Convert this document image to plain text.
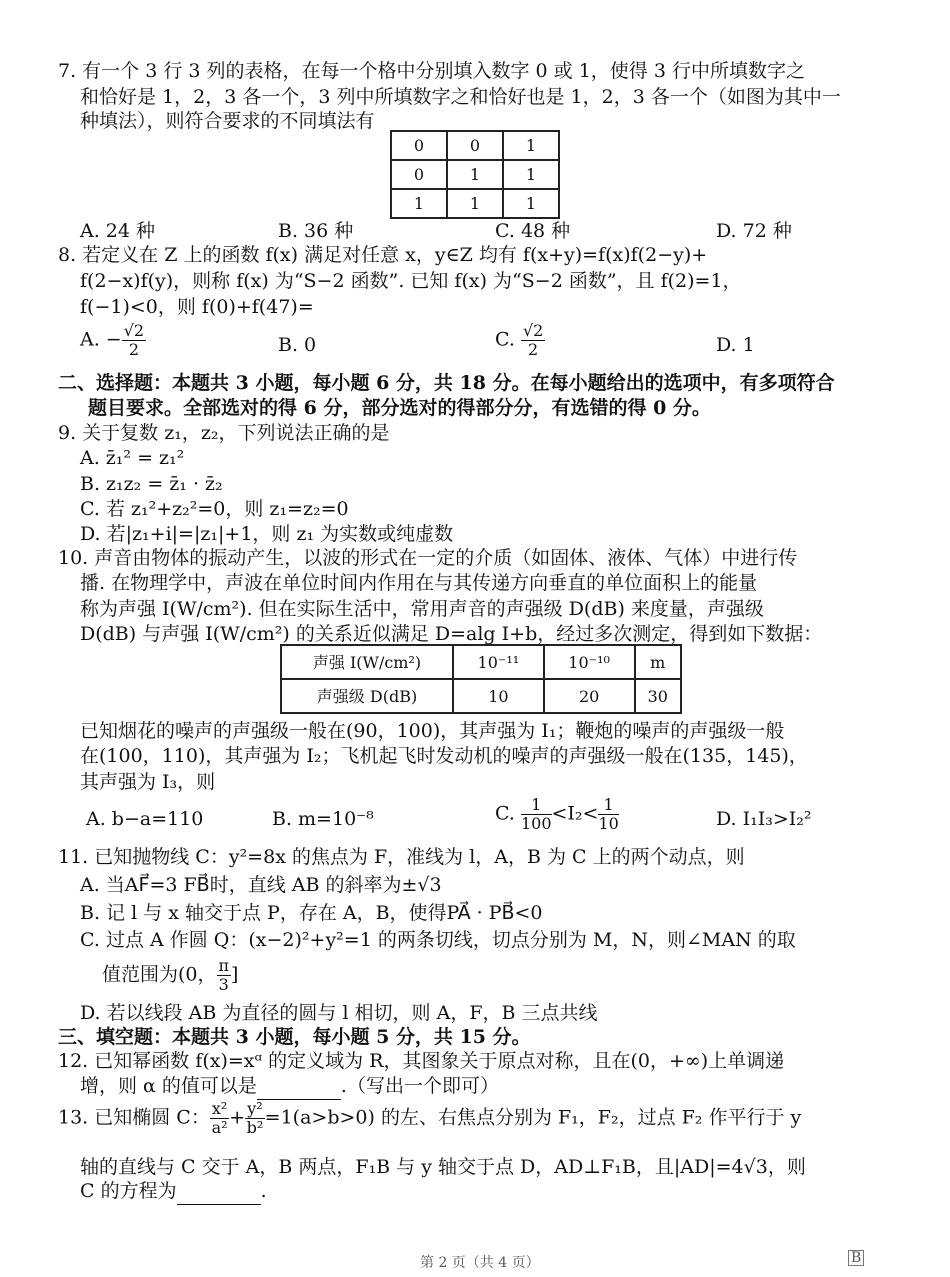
7. 有一个 3 行 3 列的表格，在每一个格中分别填入数字 0 或 1，使得 3 行中所填数字之
和恰好是 1，2，3 各一个，3 列中所填数字之和恰好也是 1，2，3 各一个（如图为其中一
种填法），则符合要求的不同填法有
0	0	1
0	1	1
1	1	1
A. 24 种	B. 36 种	C. 48 种	D. 72 种
8. 若定义在 Z 上的函数 f(x) 满足对任意 x，y∈Z 均有 f(x+y)=f(x)f(2−y)+
f(2−x)f(y)，则称 f(x) 为“S−2 函数”. 已知 f(x) 为“S−2 函数”，且 f(2)=1，
f(−1)<0，则 f(0)+f(47)=
A. − $\frac{√2}{2}$	B. 0	C. $\frac{√2}{2}$	D. 1
二、选择题：本题共 3 小题，每小题 6 分，共 18 分。在每小题给出的选项中，有多项符合
题目要求。全部选对的得 6 分，部分选对的得部分分，有选错的得 0 分。
9. 关于复数 z₁，z₂，下列说法正确的是
A. z̄₁² = z₁²
B. z₁z₂ = z̄₁ · z̄₂
C. 若 z₁²+z₂²=0，则 z₁=z₂=0
D. 若|z₁+i|=|z₁|+1，则 z₁ 为实数或纯虚数
10. 声音由物体的振动产生，以波的形式在一定的介质（如固体、液体、气体）中进行传
播. 在物理学中，声波在单位时间内作用在与其传递方向垂直的单位面积上的能量
称为声强 I(W/cm²). 但在实际生活中，常用声音的声强级 D(dB) 来度量，声强级
D(dB) 与声强 I(W/cm²) 的关系近似满足 D=alg I+b，经过多次测定，得到如下数据：
声强 I(W/cm²)	10⁻¹¹	10⁻¹⁰	m
声强级 D(dB)	10	20	30
已知烟花的噪声的声强级一般在(90，100)，其声强为 I₁；鞭炮的噪声的声强级一般
在(100，110)，其声强为 I₂；飞机起飞时发动机的噪声的声强级一般在(135，145)，
其声强为 I₃，则
A. b−a=110	B. m=10⁻⁸	C. $\frac{1}{100} <I_2< \frac{1}{10}$	D. I₁I₃>I₂²
11. 已知抛物线 C：y²=8x 的焦点为 F，准线为 l，A，B 为 C 上的两个动点，则
A. 当AF⃗=3 FB⃗时，直线 AB 的斜率为±√3
B. 记 l 与 x 轴交于点 P，存在 A，B，使得PA⃗ · PB⃗<0
C. 过点 A 作圆 Q：(x−2)²+y²=1 的两条切线，切点分别为 M，N，则∠MAN 的取
值范围为(0， $\frac{\pi}{3}$ ]
D. 若以线段 AB 为直径的圆与 l 相切，则 A，F，B 三点共线
三、填空题：本题共 3 小题，每小题 5 分，共 15 分。
12. 已知幂函数 f(x)=xᵅ 的定义域为 R，其图象关于原点对称，且在(0，+∞)上单调递
增，则 α 的值可以是	.（写出一个即可）
13. 已知椭圆 C： $\frac{\text{x²}}{\text{a²}} + \frac{\text{y²}}{\text{b²}} =1(a>b>0)$ 的左、右焦点分别为 F₁，F₂，过点 F₂ 作平行于 y
轴的直线与 C 交于 A，B 两点，F₁B 与 y 轴交于点 D，AD⊥F₁B，且|AD|=4√3，则
C 的方程为	.
第 2 页（共 4 页）	B
